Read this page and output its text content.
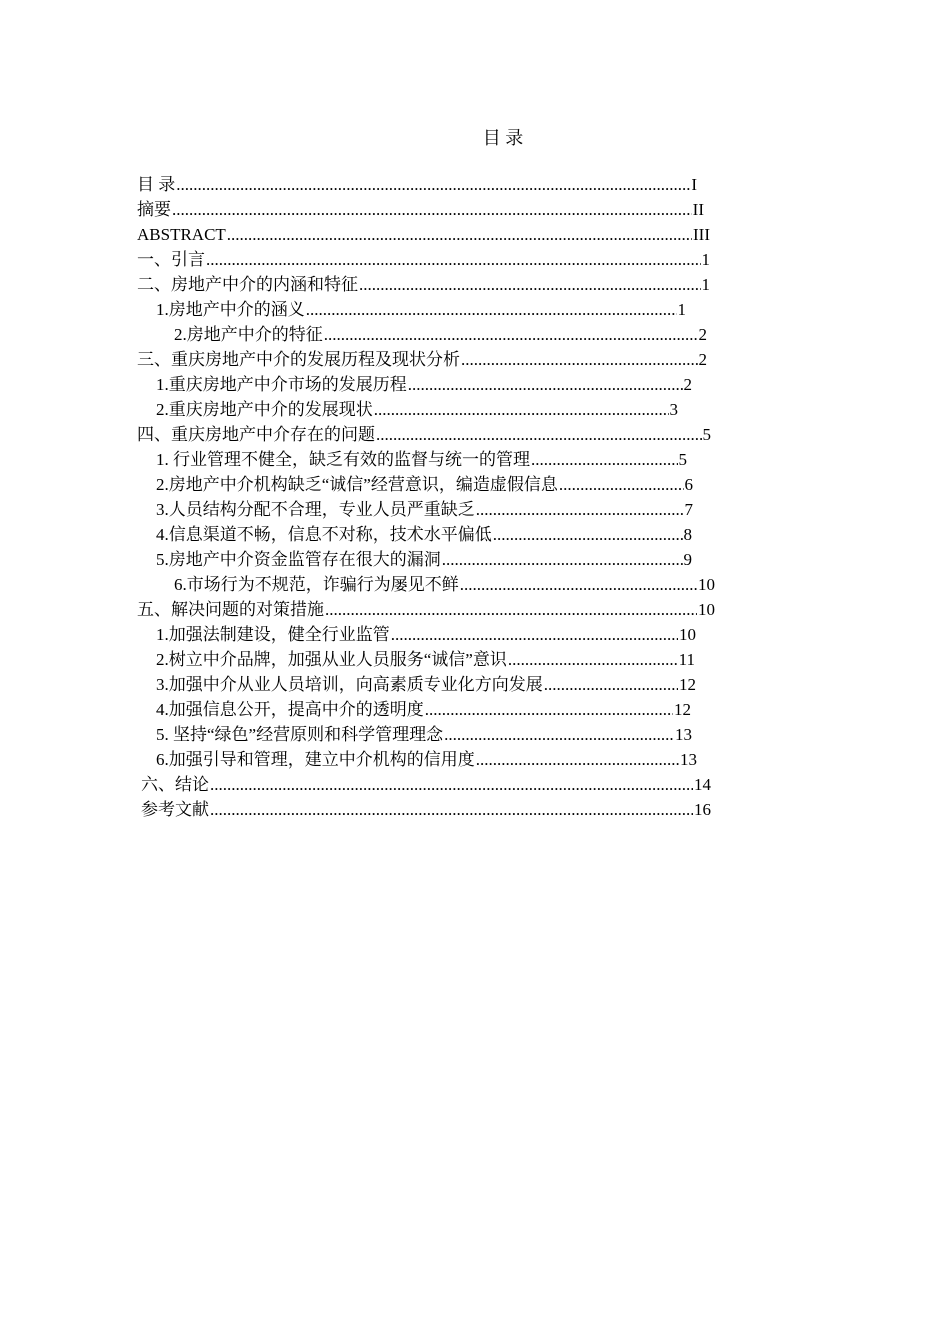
目 录
目 录 .....	I
摘要 .....	II
ABSTRACT .....	III
一、引言 .....	1
二、房地产中介的内涵和特征 .....	1
1.房地产中介的涵义 .....	1
2.房地产中介的特征 .....	2
三、重庆房地产中介的发展历程及现状分析 .....	2
1.重庆房地产中介市场的发展历程 .....	2
2.重庆房地产中介的发展现状 .....	3
四、重庆房地产中介存在的问题 .....	5
1. 行业管理不健全，缺乏有效的监督与统一的管理 .....	5
2.房地产中介机构缺乏“诚信”经营意识，编造虚假信息 .....	6
3.人员结构分配不合理，专业人员严重缺乏 .....	7
4.信息渠道不畅，信息不对称，技术水平偏低 .....	8
5.房地产中介资金监管存在很大的漏洞 .....	9
6.市场行为不规范，诈骗行为屡见不鲜 .....	10
五、解决问题的对策措施 .....	10
1.加强法制建设，健全行业监管 .....	10
2.树立中介品牌，加强从业人员服务“诚信”意识 .....	11
3.加强中介从业人员培训，向高素质专业化方向发展 .....	12
4.加强信息公开，提高中介的透明度 .....	12
5. 坚持“绿色”经营原则和科学管理理念 .....	13
6.加强引导和管理，建立中介机构的信用度 .....	13
六、结论 .....	14
参考文献 .....	16
